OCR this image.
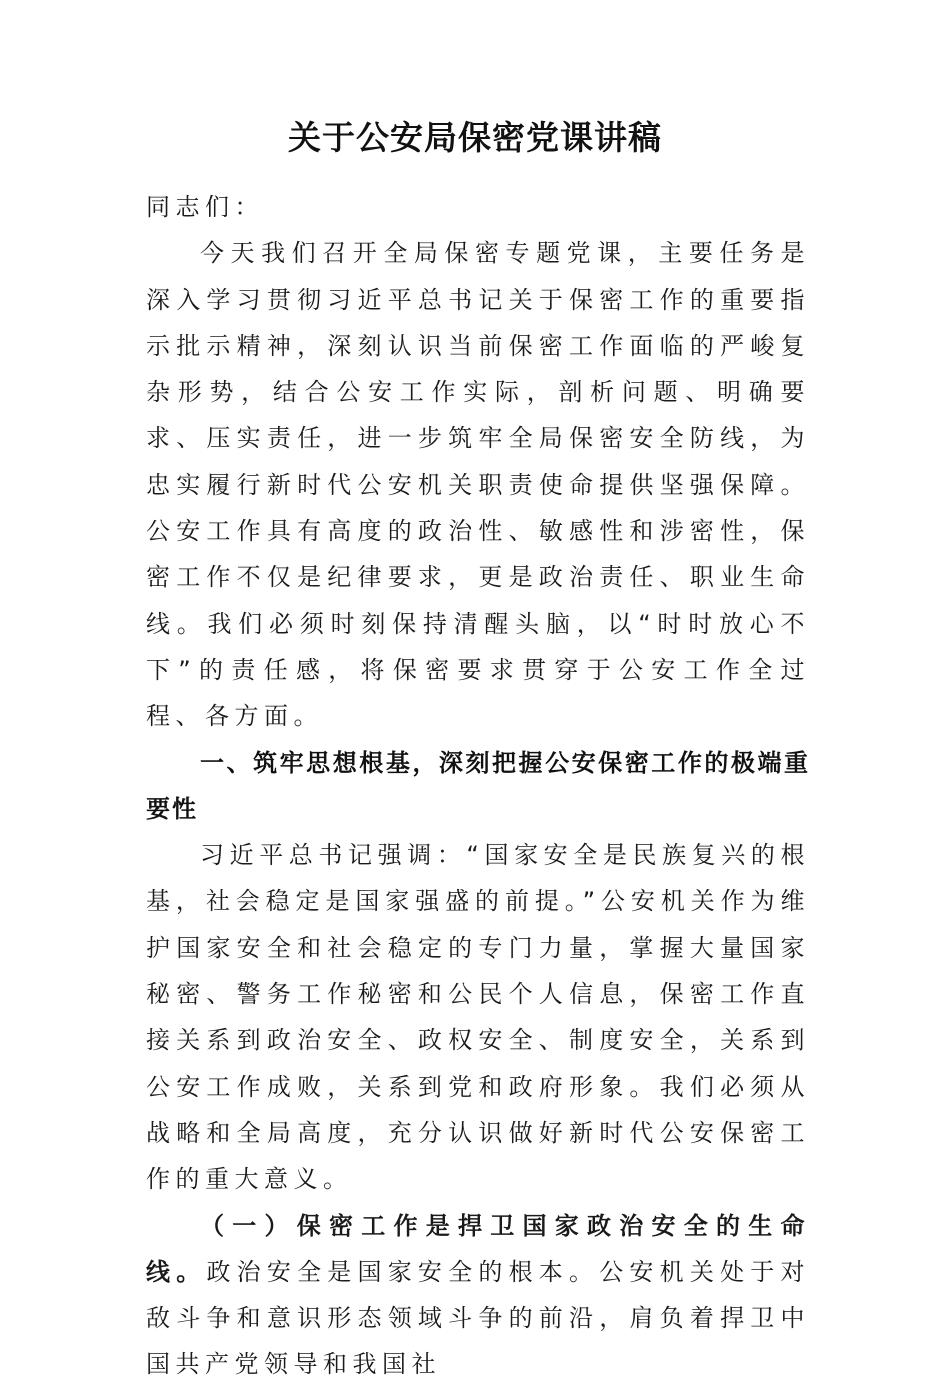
关于公安局保密党课讲稿

同志们：

今天我们召开全局保密专题党课，主要任务是深入学习贯彻习近平总书记关于保密工作的重要指示批示精神，深刻认识当前保密工作面临的严峻复杂形势，结合公安工作实际，剖析问题、明确要求、压实责任，进一步筑牢全局保密安全防线，为忠实履行新时代公安机关职责使命提供坚强保障。公安工作具有高度的政治性、敏感性和涉密性，保密工作不仅是纪律要求，更是政治责任、职业生命线。我们必须时刻保持清醒头脑，以“时时放心不下”的责任感，将保密要求贯穿于公安工作全过程、各方面。

一、筑牢思想根基，深刻把握公安保密工作的极端重要性

习近平总书记强调：“国家安全是民族复兴的根基，社会稳定是国家强盛的前提。”公安机关作为维护国家安全和社会稳定的专门力量，掌握大量国家秘密、警务工作秘密和公民个人信息，保密工作直接关系到政治安全、政权安全、制度安全，关系到公安工作成败，关系到党和政府形象。我们必须从战略和全局高度，充分认识做好新时代公安保密工作的重大意义。

（一）保密工作是捍卫国家政治安全的生命线。政治安全是国家安全的根本。公安机关处于对敌斗争和意识形态领域斗争的前沿，肩负着捍卫中国共产党领导和我国社
